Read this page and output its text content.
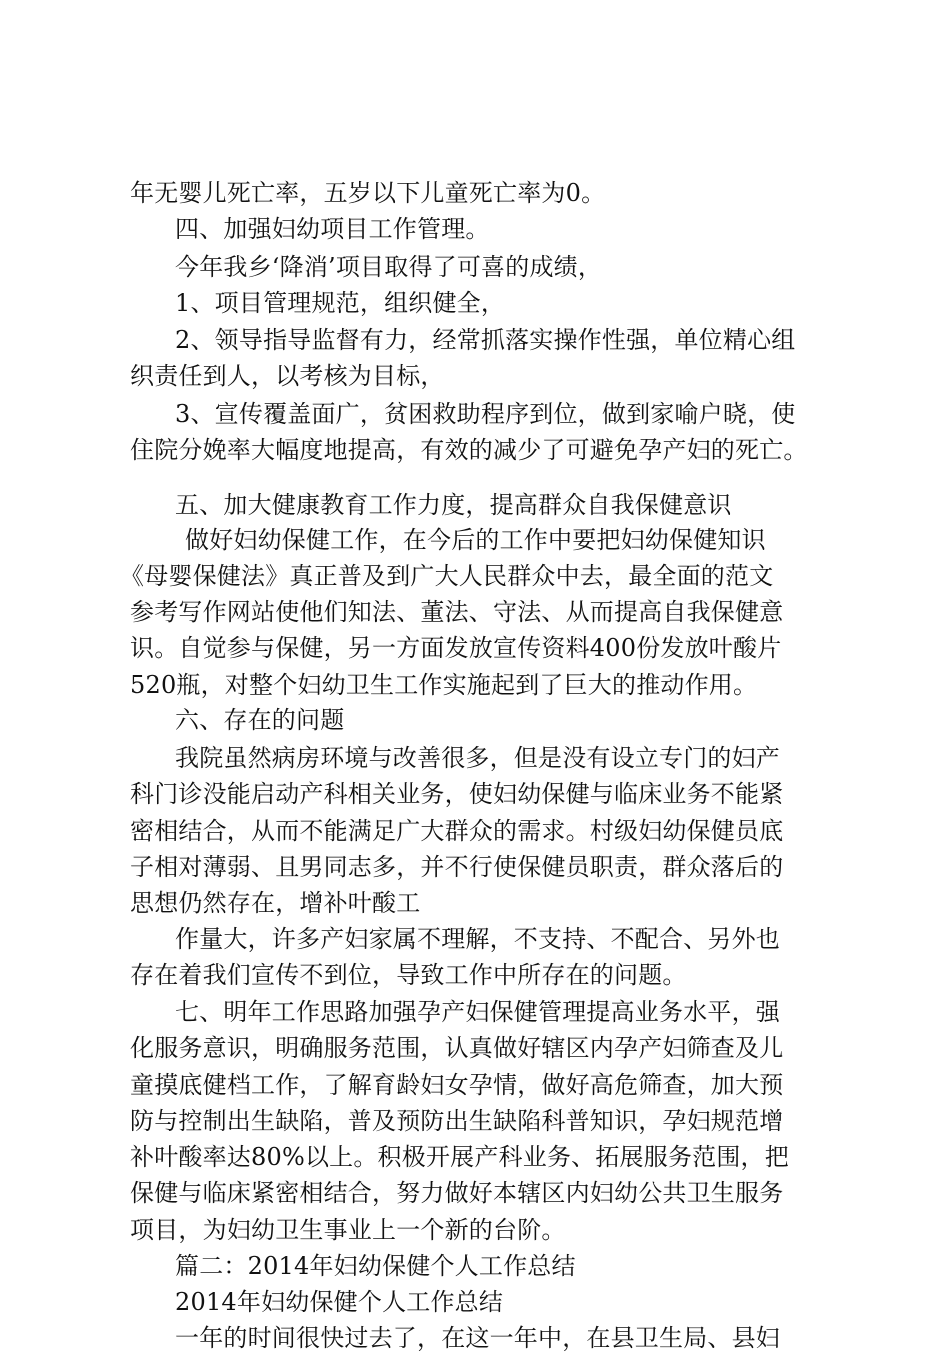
年无婴儿死亡率，五岁以下儿童死亡率为0。
四、加强妇幼项目工作管理。
今年我乡‘降消’项目取得了可喜的成绩，
1、项目管理规范，组织健全，
2、领导指导监督有力，经常抓落实操作性强，单位精心组
织责任到人，以考核为目标，
3、宣传覆盖面广，贫困救助程序到位，做到家喻户晓，使
住院分娩率大幅度地提高，有效的减少了可避免孕产妇的死亡。
五、加大健康教育工作力度，提高群众自我保健意识
做好妇幼保健工作，在今后的工作中要把妇幼保健知识
《母婴保健法》真正普及到广大人民群众中去，最全面的范文
参考写作网站使他们知法、董法、守法、从而提高自我保健意
识。自觉参与保健，另一方面发放宣传资料400份发放叶酸片
520瓶，对整个妇幼卫生工作实施起到了巨大的推动作用。
六、存在的问题
我院虽然病房环境与改善很多，但是没有设立专门的妇产
科门诊没能启动产科相关业务，使妇幼保健与临床业务不能紧
密相结合，从而不能满足广大群众的需求。村级妇幼保健员底
子相对薄弱、且男同志多，并不行使保健员职责，群众落后的
思想仍然存在，增补叶酸工
作量大，许多产妇家属不理解，不支持、不配合、另外也
存在着我们宣传不到位，导致工作中所存在的问题。
七、明年工作思路加强孕产妇保健管理提高业务水平，强
化服务意识，明确服务范围，认真做好辖区内孕产妇筛查及儿
童摸底健档工作，了解育龄妇女孕情，做好高危筛查，加大预
防与控制出生缺陷，普及预防出生缺陷科普知识，孕妇规范增
补叶酸率达80%以上。积极开展产科业务、拓展服务范围，把
保健与临床紧密相结合，努力做好本辖区内妇幼公共卫生服务
项目，为妇幼卫生事业上一个新的台阶。
篇二：2014年妇幼保健个人工作总结
2014年妇幼保健个人工作总结
一年的时间很快过去了，在这一年中，在县卫生局、县妇
